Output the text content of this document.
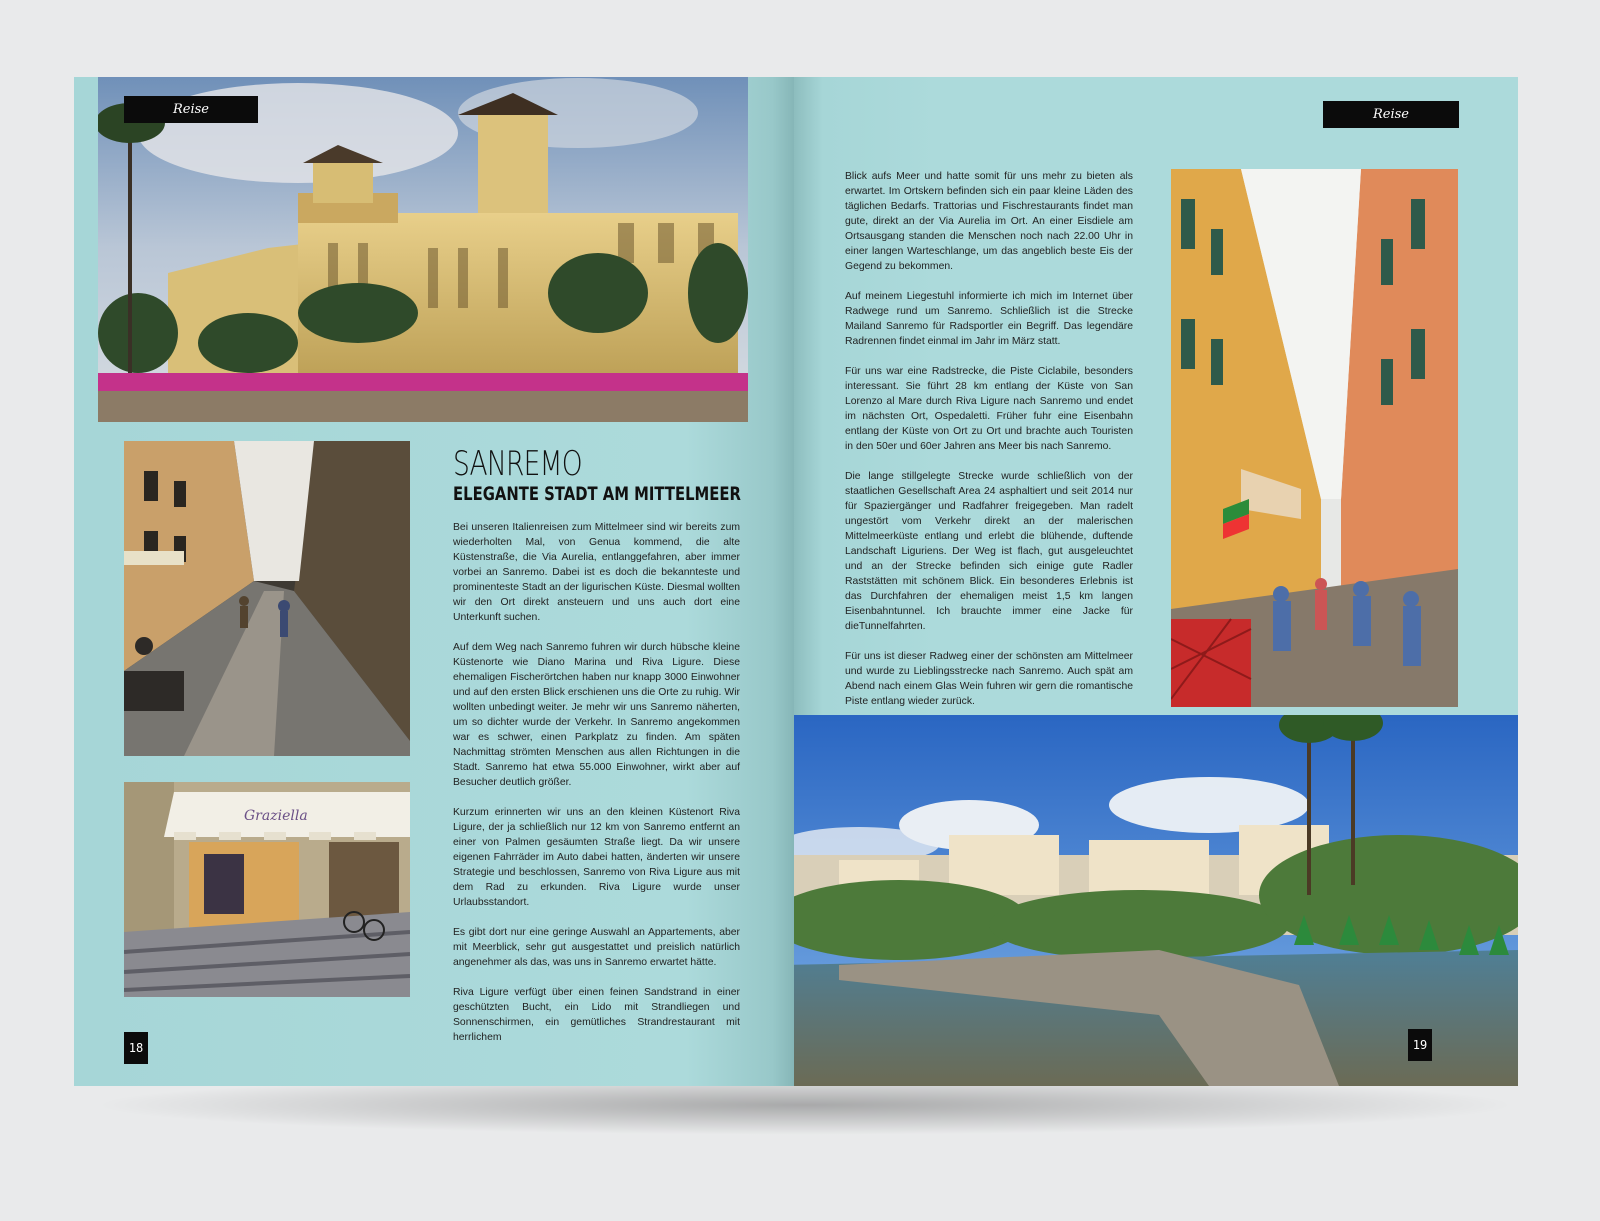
Reise
Graziella
SANREMO
ELEGANTE STADT AM MITTELMEER

Bei unseren Italienreisen zum Mittelmeer sind wir bereits zum wiederholten Mal, von Genua kommend, die alte Küstenstraße, die Via Aurelia, entlanggefahren, aber immer vorbei an Sanremo. Dabei ist es doch die bekannteste und prominenteste Stadt an der ligurischen Küste. Diesmal wollten wir den Ort direkt ansteuern und uns auch dort eine Unterkunft suchen.

Auf dem Weg nach Sanremo fuhren wir durch hübsche kleine Küstenorte wie Diano Marina und Riva Ligure. Diese ehemaligen Fischerörtchen haben nur knapp 3000 Einwohner und auf den ersten Blick erschienen uns die Orte zu ruhig. Wir wollten unbedingt weiter. Je mehr wir uns Sanremo näherten, um so dichter wurde der Verkehr. In Sanremo angekommen war es schwer, einen Parkplatz zu finden. Am späten Nachmittag strömten Menschen aus allen Richtungen in die Stadt. Sanremo hat etwa 55.000 Einwohner, wirkt aber auf Besucher deutlich größer.

Kurzum erinnerten wir uns an den kleinen Küstenort Riva Ligure, der ja schließlich nur 12 km von Sanremo entfernt an einer von Palmen gesäumten Straße liegt. Da wir unsere eigenen Fahrräder im Auto dabei hatten, änderten wir unsere Strategie und beschlossen, Sanremo von Riva Ligure aus mit dem Rad zu erkunden. Riva Ligure wurde unser Urlaubsstandort.

Es gibt dort nur eine geringe Auswahl an Appartements, aber mit Meerblick, sehr gut ausgestattet und preislich natürlich angenehmer als das, was uns in Sanremo erwartet hätte.

Riva Ligure verfügt über einen feinen Sandstrand in einer geschützten Bucht, ein Lido mit Strandliegen und Sonnenschirmen, ein gemütliches Strandrestaurant mit herrlichem

18
Reise

Blick aufs Meer und hatte somit für uns mehr zu bieten als erwartet. Im Ortskern befinden sich ein paar kleine Läden des täglichen Bedarfs. Trattorias und Fischrestaurants findet man gute, direkt an der Via Aurelia im Ort. An einer Eisdiele am Ortsausgang standen die Menschen noch nach 22.00 Uhr in einer langen Warteschlange, um das angeblich beste Eis der Gegend zu bekommen.

Auf meinem Liegestuhl informierte ich mich im Internet über Radwege rund um Sanremo. Schließlich ist die Strecke Mailand Sanremo für Radsportler ein Begriff. Das legendäre Radrennen findet einmal im Jahr im März statt.

Für uns war eine Radstrecke, die Piste Ciclabile, besonders interessant. Sie führt 28 km entlang der Küste von San Lorenzo al Mare durch Riva Ligure nach Sanremo und endet im nächsten Ort, Ospedaletti. Früher fuhr eine Eisenbahn entlang der Küste von Ort zu Ort und brachte auch Touristen in den 50er und 60er Jahren ans Meer bis nach Sanremo.

Die lange stillgelegte Strecke wurde schließlich von der staatlichen Gesellschaft Area 24 asphaltiert und seit 2014 nur für Spaziergänger und Radfahrer freigegeben. Man radelt ungestört vom Verkehr direkt an der malerischen Mittelmeerküste entlang und erlebt die blühende, duftende Landschaft Liguriens. Der Weg ist flach, gut ausgeleuchtet und an der Strecke befinden sich einige gute Radler Raststätten mit schönem Blick. Ein besonderes Erlebnis ist das Durchfahren der ehemaligen meist 1,5 km langen Eisenbahntunnel. Ich brauchte immer eine Jacke für dieTunnelfahrten.

Für uns ist dieser Radweg einer der schönsten am Mittelmeer und wurde zu Lieblingsstrecke nach Sanremo. Auch spät am Abend nach einem Glas Wein fuhren wir gern die romantische Piste entlang wieder zurück.

19
